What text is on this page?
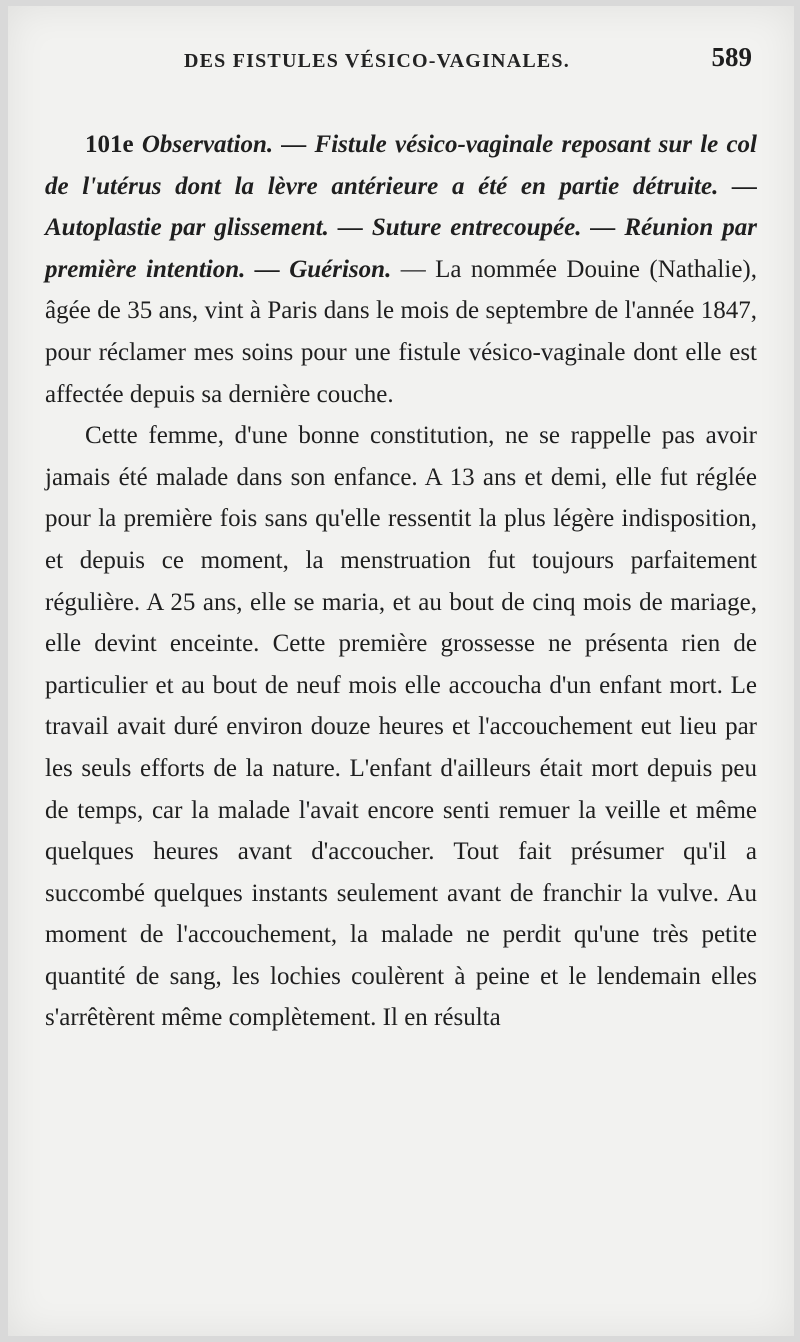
DES FISTULES VÉSICO-VAGINALES.	589

101e Observation. — Fistule vésico-vaginale reposant sur le col de l'utérus dont la lèvre antérieure a été en partie détruite. — Autoplastie par glissement. — Suture entrecoupée. — Réunion par première intention. — Guérison. — La nommée Douine (Nathalie), âgée de 35 ans, vint à Paris dans le mois de septembre de l'année 1847, pour réclamer mes soins pour une fistule vésico-vaginale dont elle est affectée depuis sa dernière couche.

Cette femme, d'une bonne constitution, ne se rappelle pas avoir jamais été malade dans son enfance. A 13 ans et demi, elle fut réglée pour la première fois sans qu'elle ressentit la plus légère indisposition, et depuis ce moment, la menstruation fut toujours parfaitement régulière. A 25 ans, elle se maria, et au bout de cinq mois de mariage, elle devint enceinte. Cette première grossesse ne présenta rien de particulier et au bout de neuf mois elle accoucha d'un enfant mort. Le travail avait duré environ douze heures et l'accouchement eut lieu par les seuls efforts de la nature. L'enfant d'ailleurs était mort depuis peu de temps, car la malade l'avait encore senti remuer la veille et même quelques heures avant d'accoucher. Tout fait présumer qu'il a succombé quelques instants seulement avant de franchir la vulve. Au moment de l'accouchement, la malade ne perdit qu'une très petite quantité de sang, les lochies coulèrent à peine et le lendemain elles s'arrêtèrent même complètement. Il en résulta
